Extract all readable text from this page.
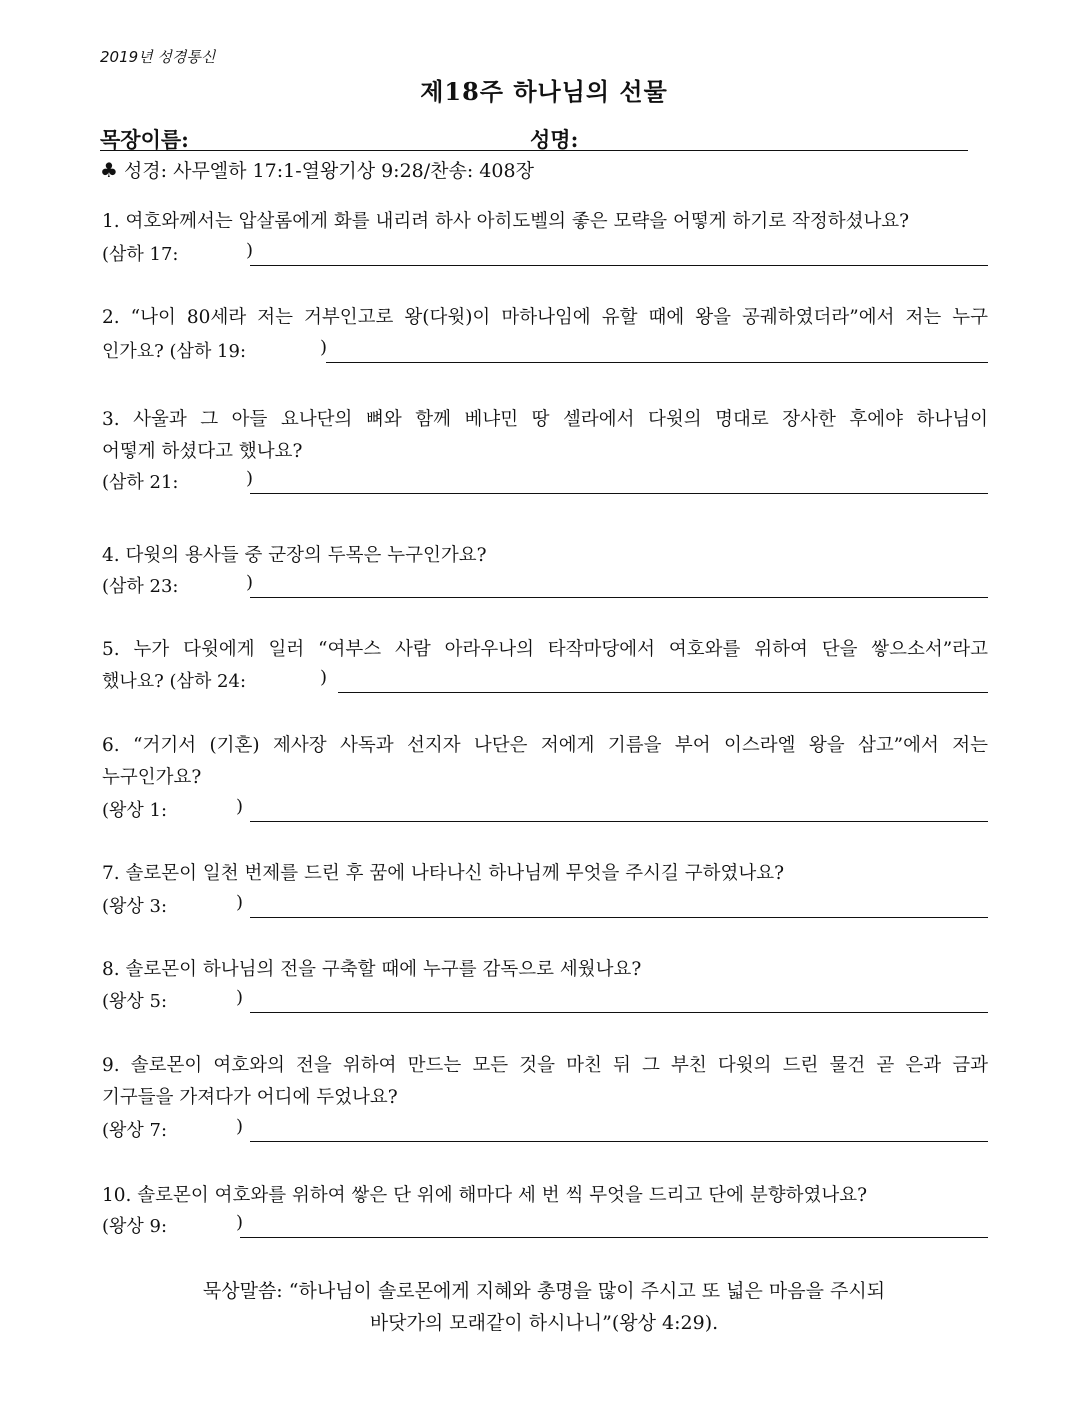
2019년 성경통신
제18주 하나님의 선물
목장이름:	성명:
♣ 성경: 사무엘하 17:1-열왕기상 9:28/찬송: 408장
1. 여호와께서는 압살롬에게 화를 내리려 하사 아히도벨의 좋은 모략을 어떻게 하기로 작정하셨나요?
(삼하 17:	)
2. “나이 80세라 저는 거부인고로 왕(다윗)이 마하나임에 유할 때에 왕을 공궤하였더라”에서 저는 누구
인가요? (삼하 19:	)
3. 사울과 그 아들 요나단의 뼈와 함께 베냐민 땅 셀라에서 다윗의 명대로 장사한 후에야 하나님이
어떻게 하셨다고 했나요?
(삼하 21:	)
4. 다윗의 용사들 중 군장의 두목은 누구인가요?
(삼하 23:	)
5. 누가 다윗에게 일러 “여부스 사람 아라우나의 타작마당에서 여호와를 위하여 단을 쌓으소서”라고
했나요? (삼하 24:	)
6. “거기서 (기혼) 제사장 사독과 선지자 나단은 저에게 기름을 부어 이스라엘 왕을 삼고”에서 저는
누구인가요?
(왕상 1:	)
7. 솔로몬이 일천 번제를 드린 후 꿈에 나타나신 하나님께 무엇을 주시길 구하였나요?
(왕상 3:	)
8. 솔로몬이 하나님의 전을 구축할 때에 누구를 감독으로 세웠나요?
(왕상 5:	)
9. 솔로몬이 여호와의 전을 위하여 만드는 모든 것을 마친 뒤 그 부친 다윗의 드린 물건 곧 은과 금과
기구들을 가져다가 어디에 두었나요?
(왕상 7:	)
10. 솔로몬이 여호와를 위하여 쌓은 단 위에 해마다 세 번 씩 무엇을 드리고 단에 분향하였나요?
(왕상 9:	)
묵상말씀: “하나님이 솔로몬에게 지혜와 총명을 많이 주시고 또 넓은 마음을 주시되
바닷가의 모래같이 하시나니”(왕상 4:29).
